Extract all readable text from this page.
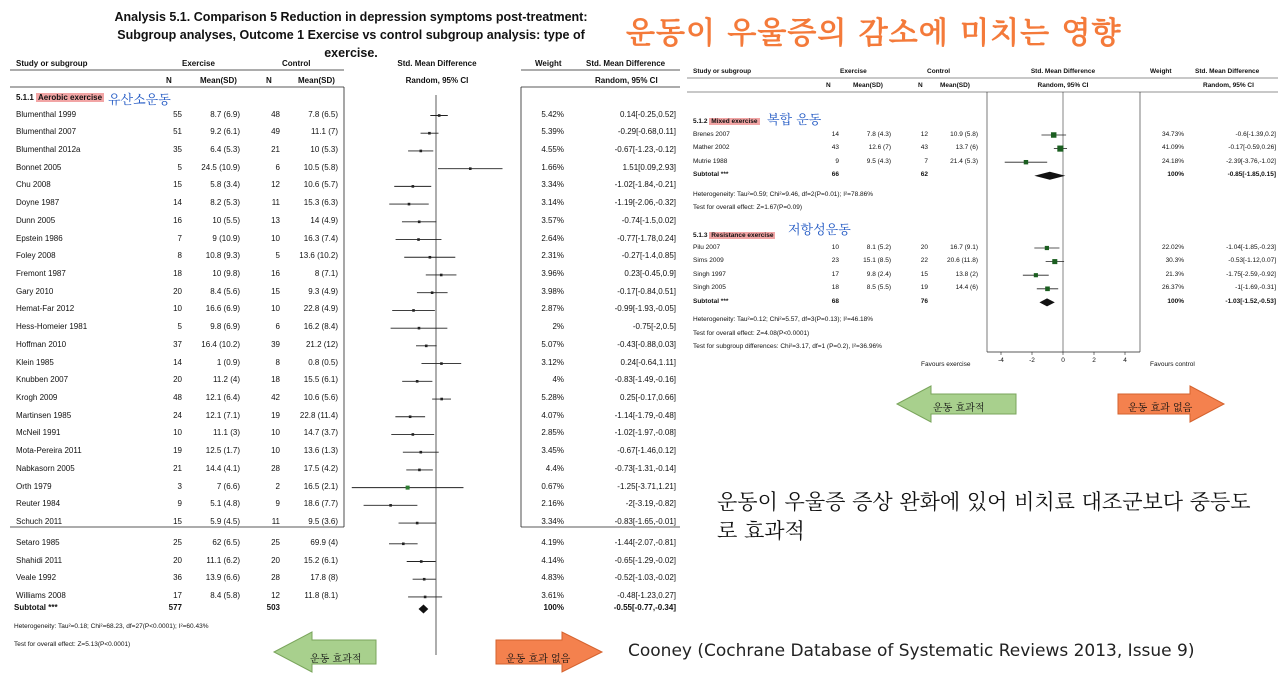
Analysis 5.1. Comparison 5 Reduction in depression symptoms post-treatment:
Subgroup analyses, Outcome 1 Exercise vs control subgroup analysis: type of exercise.
운동이 우울증의 감소에 미치는 영향
Study or subgroup	Exercise	Control
N	Mean(SD)	N	Mean(SD)
Std. Mean Difference
Random, 95% CI
Weight	Std. Mean Difference
Random, 95% CI
5.1.1 Aerobic exercise 유산소운동
Blumenthal 1999	55	8.7 (6.9)	48	7.8 (6.5)	5.42%	0.14[-0.25,0.52]
Blumenthal 2007	51	9.2 (6.1)	49	11.1 (7)	5.39%	-0.29[-0.68,0.11]
Blumenthal 2012a	35	6.4 (5.3)	21	10 (5.3)	4.55%	-0.67[-1.23,-0.12]
Bonnet 2005	5	24.5 (10.9)	6	10.5 (5.8)	1.66%	1.51[0.09,2.93]
Chu 2008	15	5.8 (3.4)	12	10.6 (5.7)	3.34%	-1.02[-1.84,-0.21]
Doyne 1987	14	8.2 (5.3)	11	15.3 (6.3)	3.14%	-1.19[-2.06,-0.32]
Dunn 2005	16	10 (5.5)	13	14 (4.9)	3.57%	-0.74[-1.5,0.02]
Epstein 1986	7	9 (10.9)	10	16.3 (7.4)	2.64%	-0.77[-1.78,0.24]
Foley 2008	8	10.8 (9.3)	5	13.6 (10.2)	2.31%	-0.27[-1.4,0.85]
Fremont 1987	18	10 (9.8)	16	8 (7.1)	3.96%	0.23[-0.45,0.9]
Gary 2010	20	8.4 (5.6)	15	9.3 (4.9)	3.98%	-0.17[-0.84,0.51]
Hemat-Far 2012	10	16.6 (6.9)	10	22.8 (4.9)	2.87%	-0.99[-1.93,-0.05]
Hess-Homeier 1981	5	9.8 (6.9)	6	16.2 (8.4)	2%	-0.75[-2,0.5]
Hoffman 2010	37	16.4 (10.2)	39	21.2 (12)	5.07%	-0.43[-0.88,0.03]
Klein 1985	14	1 (0.9)	8	0.8 (0.5)	3.12%	0.24[-0.64,1.11]
Knubben 2007	20	11.2 (4)	18	15.5 (6.1)	4%	-0.83[-1.49,-0.16]
Krogh 2009	48	12.1 (6.4)	42	10.6 (5.6)	5.28%	0.25[-0.17,0.66]
Martinsen 1985	24	12.1 (7.1)	19	22.8 (11.4)	4.07%	-1.14[-1.79,-0.48]
McNeil 1991	10	11.1 (3)	10	14.7 (3.7)	2.85%	-1.02[-1.97,-0.08]
Mota-Pereira 2011	19	12.5 (1.7)	10	13.6 (1.3)	3.45%	-0.67[-1.46,0.12]
Nabkasorn 2005	21	14.4 (4.1)	28	17.5 (4.2)	4.4%	-0.73[-1.31,-0.14]
Orth 1979	3	7 (6.6)	2	16.5 (2.1)	0.67%	-1.25[-3.71,1.21]
Reuter 1984	9	5.1 (4.8)	9	18.6 (7.7)	2.16%	-2[-3.19,-0.82]
Schuch 2011	15	5.9 (4.5)	11	9.5 (3.6)	3.34%	-0.83[-1.65,-0.01]
Setaro 1985	25	62 (6.5)	25	69.9 (4)	4.19%	-1.44[-2.07,-0.81]
Shahidi 2011	20	11.1 (6.2)	20	15.2 (6.1)	4.14%	-0.65[-1.29,-0.02]
Veale 1992	36	13.9 (6.6)	28	17.8 (8)	4.83%	-0.52[-1.03,-0.02]
Williams 2008	17	8.4 (5.8)	12	11.8 (8.1)	3.61%	-0.48[-1.23,0.27]
Subtotal ***	577	503	100%	-0.55[-0.77,-0.34]
Heterogeneity: Tau²=0.18; Chi²=68.23, df=27(P<0.0001); I²=60.43%
Test for overall effect: Z=5.13(P<0.0001)
Study or subgroup	Exercise	Control
N	Mean(SD)	N	Mean(SD)
Std. Mean Difference
Random, 95% CI
Weight	Std. Mean Difference
Random, 95% CI
5.1.2 Mixed exercise 복합 운동
5.1.3 Resistance exercise 저항성운동
Brenes 2007	14	7.8 (4.3)	12	10.9 (5.8)	34.73%	-0.6[-1.39,0.2]
Mather 2002	43	12.6 (7)	43	13.7 (6)	41.09%	-0.17[-0.59,0.26]
Mutrie 1988	9	9.5 (4.3)	7	21.4 (5.3)	24.18%	-2.39[-3.76,-1.02]
Subtotal ***	66	62	100%	-0.85[-1.85,0.15]
Pilu 2007	10	8.1 (5.2)	20	16.7 (9.1)	22.02%	-1.04[-1.85,-0.23]
Sims 2009	23	15.1 (8.5)	22	20.6 (11.8)	30.3%	-0.53[-1.12,0.07]
Singh 1997	17	9.8 (2.4)	15	13.8 (2)	21.3%	-1.75[-2.59,-0.92]
Singh 2005	18	8.5 (5.5)	19	14.4 (6)	26.37%	-1[-1.69,-0.31]
Subtotal ***	68	76	100%	-1.03[-1.52,-0.53]
-4	-2	0	2	4
Heterogeneity: Tau²=0.59; Chi²=9.46, df=2(P=0.01); I²=78.86%
Test for overall effect: Z=1.67(P=0.09)
Heterogeneity: Tau²=0.12; Chi²=5.57, df=3(P=0.13); I²=46.18%
Test for overall effect: Z=4.08(P<0.0001)
Test for subgroup differences: Chi²=3.17, df=1 (P=0.2), I²=36.96%
Favours exercise	Favours control
운동 효과적	운동 효과 없음
운동 효과적	운동 효과 없음
운동이 우울증 증상 완화에 있어 비치료 대조군보다 중등도로 효과적
Cooney (Cochrane Database of Systematic Reviews 2013, Issue 9)
